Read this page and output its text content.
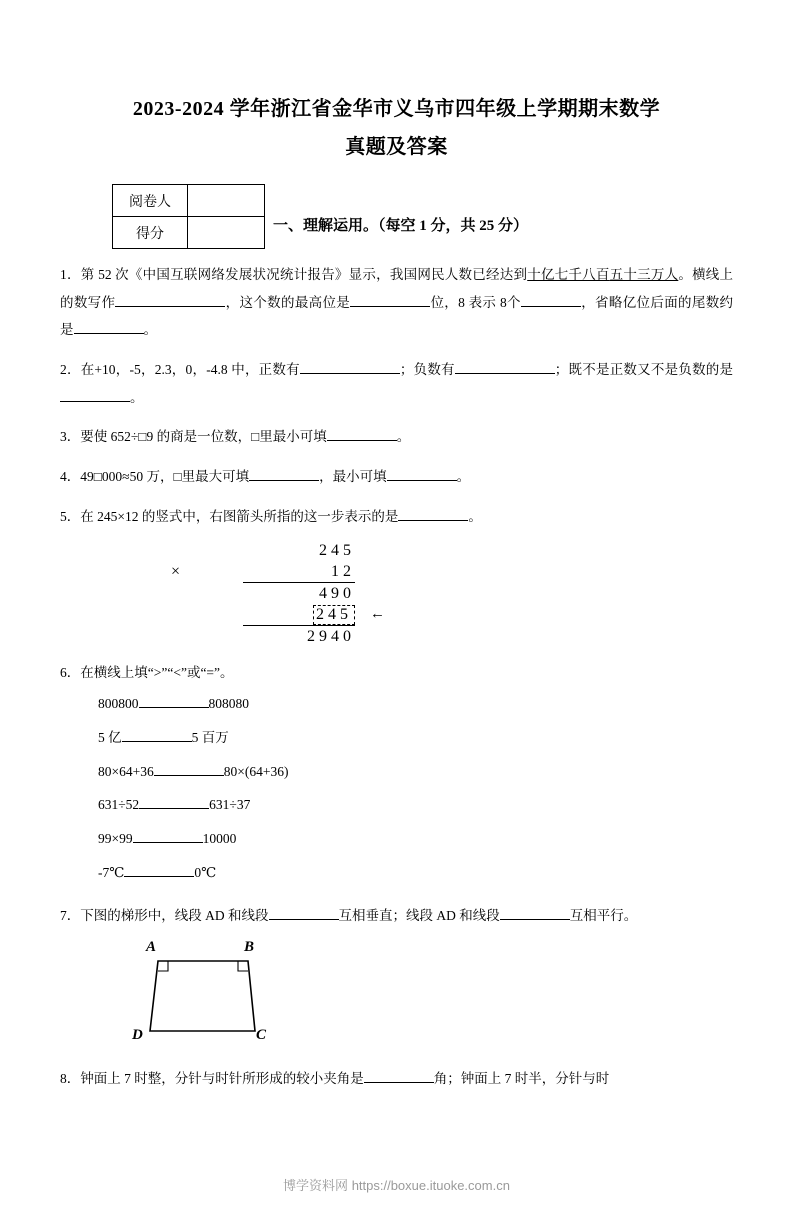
2023-2024 学年浙江省金华市义乌市四年级上学期期末数学
真题及答案
阅卷人	
得分		一、理解运用。（每空 1 分，共 25 分）
1．第 52 次《中国互联网络发展状况统计报告》显示，我国网民人数已经达到十亿七千八百五十三万人。横线上的数写作	，这个数的最高位是	位，8 表示 8个	，省略亿位后面的尾数约是	。
2．在+10，-5，2.3，0，-4.8 中，正数有	；负数有	；既不是正数又不是负数的是。
3．要使 652÷□9 的商是一位数，□里最小可填	。
4．49□000≈50 万，□里最大可填	，最小可填	。
5．在 245×12 的竖式中，右图箭头所指的这一步表示的是	。
245
×	12
490
245 ←
2940
6．在横线上填“>”“<”或“=”。
800800	808080
5 亿	5 百万
80×64+36	80×(64+36)
631÷52	631÷37
99×99	10000
-7℃	0℃
7．下图的梯形中，线段 AD 和线段	互相垂直；线段 AD 和线段	互相平行。
A	B
C
D
8．钟面上 7 时整，分针与时针所形成的较小夹角是	角；钟面上 7 时半，分针与时
博学资料网 https://boxue.ituoke.com.cn
